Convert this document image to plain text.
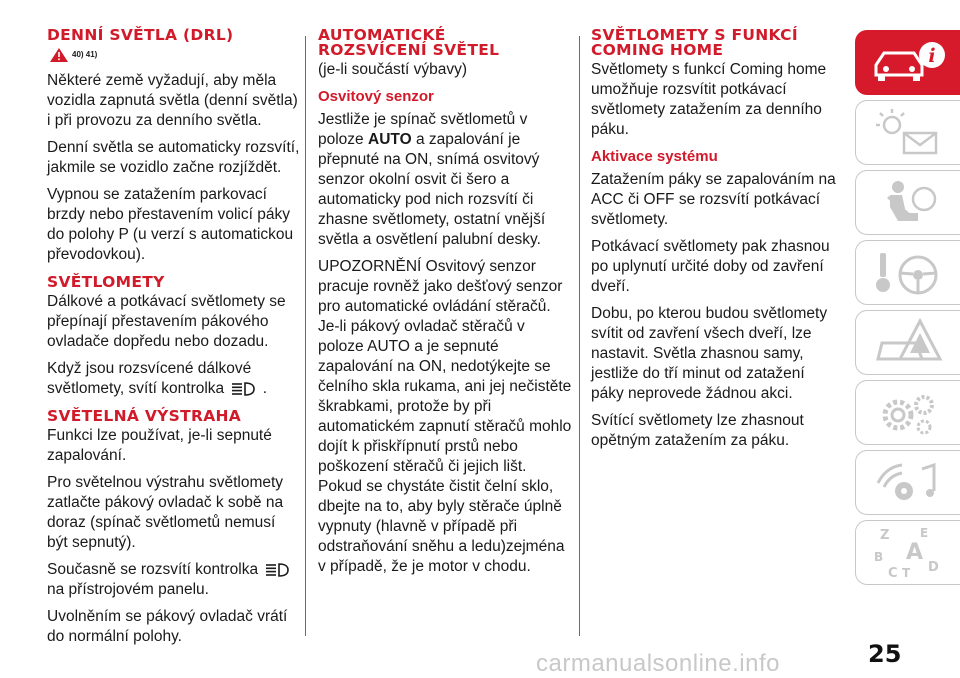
DENNÍ SVĚTLA (DRL)
40) 41)

Některé země vyžadují, aby měla vozidla zapnutá světla (denní světla) i při provozu za denního světla.

Denní světla se automaticky rozsvítí, jakmile se vozidlo začne rozjíždět.

Vypnou se zatažením parkovací brzdy nebo přestavením volicí páky do polohy P (u verzí s automatickou převodovkou).

SVĚTLOMETY

Dálkové a potkávací světlomety se přepínají přestavením pákového ovladače dopředu nebo dozadu.

Když jsou rozsvícené dálkové světlomety, svítí kontrolka .

SVĚTELNÁ VÝSTRAHA

Funkci lze používat, je-li sepnuté zapalování.

Pro světelnou výstrahu světlomety zatlačte pákový ovladač k sobě na doraz (spínač světlometů nemusí být sepnutý).

Současně se rozsvítí kontrolka  na přístrojovém panelu.

Uvolněním se pákový ovladač vrátí do normální polohy.

AUTOMATICKÉ
ROZSVÍCENÍ SVĚTEL

(je-li součástí výbavy)

Osvitový senzor

Jestliže je spínač světlometů v poloze AUTO a zapalování je přepnuté na ON, snímá osvitový senzor okolní osvit či šero a automaticky pod nich rozsvítí či zhasne světlomety, ostatní vnější světla a osvětlení palubní desky.

UPOZORNĚNÍ Osvitový senzor pracuje rovněž jako dešťový senzor pro automatické ovládání stěračů. Je-li pákový ovladač stěračů v poloze AUTO a je sepnuté zapalování na ON, nedotýkejte se čelního skla rukama, ani jej nečistěte škrabkami, protože by při automatickém zapnutí stěračů mohlo dojít k přiskřípnutí prstů nebo poškození stěračů či jejich lišt. Pokud se chystáte čistit čelní sklo, dbejte na to, aby byly stěrače úplně vypnuty (hlavně v případě při odstraňování sněhu a ledu)zejména v případě, že je motor v chodu.

SVĚTLOMETY S FUNKCÍ
COMING HOME

Světlomety s funkcí Coming home umožňuje rozsvítit potkávací světlomety zatažením za denního páku.

Aktivace systému

Zatažením páky se zapalováním na ACC či OFF se rozsvítí potkávací světlomety.

Potkávací světlomety pak zhasnou po uplynutí určité doby od zavření dveří.

Dobu, po kterou budou světlomety svítit od zavření všech dveří, lze nastavit. Světla zhasnou samy, jestliže do tří minut od zatažení páky neprovede žádnou akci.

Svítící světlomety lze zhasnout opětným zatažením za páku.

i
Z	E
B A
C T D
25
carmanualsonline.info
